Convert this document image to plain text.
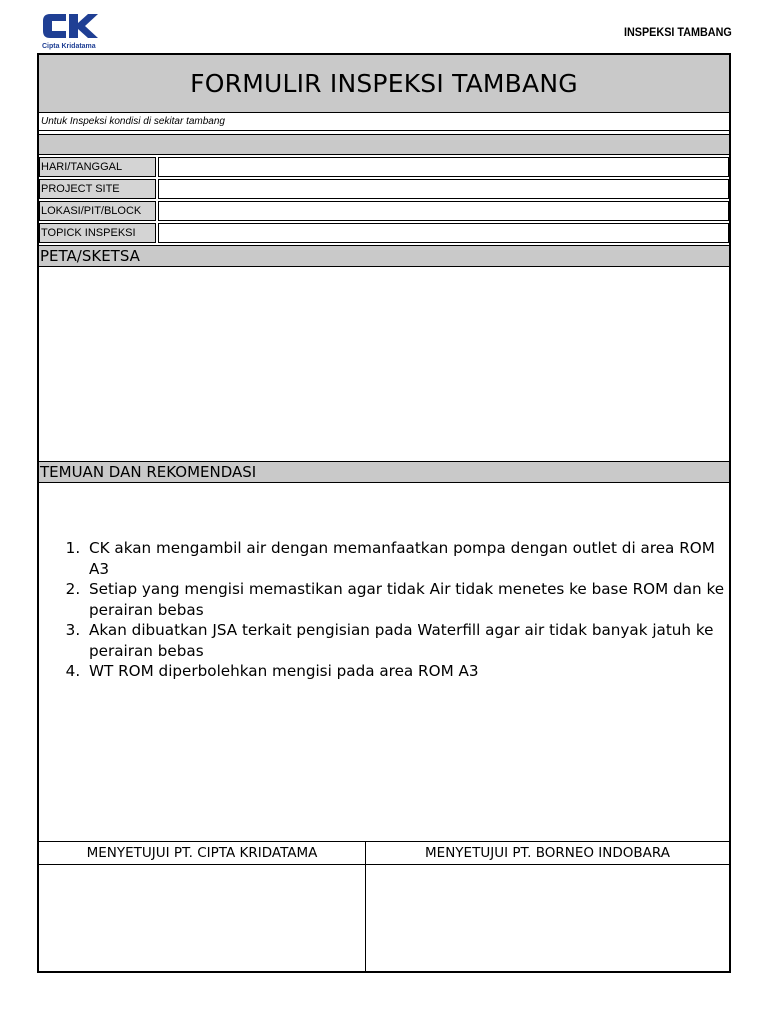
Cipta Kridatama
INSPEKSI TAMBANG
FORMULIR INSPEKSI TAMBANG
Untuk Inspeksi kondisi di sekitar tambang
HARI/TANGGAL
PROJECT SITE
LOKASI/PIT/BLOCK
TOPICK INSPEKSI
PETA/SKETSA
TEMUAN DAN REKOMENDASI
1. CK akan mengambil air dengan memanfaatkan pompa dengan outlet di area ROM A3
2. Setiap yang mengisi memastikan agar tidak Air tidak menetes ke base ROM dan ke perairan bebas
3. Akan dibuatkan JSA terkait pengisian pada Waterfill agar air tidak banyak jatuh ke perairan bebas
4. WT ROM diperbolehkan mengisi pada area ROM A3
MENYETUJUI PT. CIPTA KRIDATAMA	MENYETUJUI PT. BORNEO INDOBARA
